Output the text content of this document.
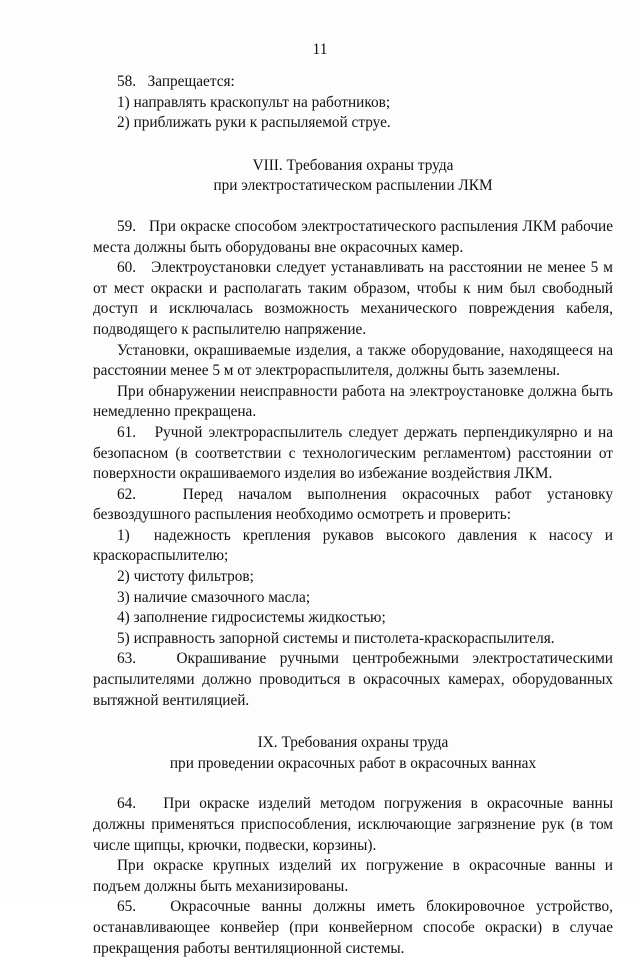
11

58.   Запрещается:

1) направлять краскопульт на работников;

2) приближать руки к распыляемой струе.

VIII. Требования охраны труда

при электростатическом распылении ЛКМ

59.   При окраске способом электростатического распыления ЛКМ рабочие места должны быть оборудованы вне окрасочных камер.

60.   Электроустановки следует устанавливать на расстоянии не менее 5 м от мест окраски и располагать таким образом, чтобы к ним был свободный доступ и исключалась возможность механического повреждения кабеля, подводящего к распылителю напряжение.

Установки, окрашиваемые изделия, а также оборудование, находящееся на расстоянии менее 5 м от электрораспылителя, должны быть заземлены.

При обнаружении неисправности работа на электроустановке должна быть немедленно прекращена.

61.   Ручной электрораспылитель следует держать перпендикулярно и на безопасном (в соответствии с технологическим регламентом) расстоянии от поверхности окрашиваемого изделия во избежание воздействия ЛКМ.

62.   Перед началом выполнения окрасочных работ установку безвоздушного распыления необходимо осмотреть и проверить:

1)  надежность крепления рукавов высокого давления к насосу и краскораспылителю;

2) чистоту фильтров;

3) наличие смазочного масла;

4) заполнение гидросистемы жидкостью;

5) исправность запорной системы и пистолета-краскораспылителя.

63.   Окрашивание ручными центробежными электростатическими распылителями должно проводиться в окрасочных камерах, оборудованных вытяжной вентиляцией.

IX. Требования охраны труда

при проведении окрасочных работ в окрасочных ваннах

64.   При окраске изделий методом погружения в окрасочные ванны должны применяться приспособления, исключающие загрязнение рук (в том числе щипцы, крючки, подвески, корзины).

При окраске крупных изделий их погружение в окрасочные ванны и подъем должны быть механизированы.

65.   Окрасочные ванны должны иметь блокировочное устройство, останавливающее конвейер (при конвейерном способе окраски) в случае прекращения работы вентиляционной системы.
